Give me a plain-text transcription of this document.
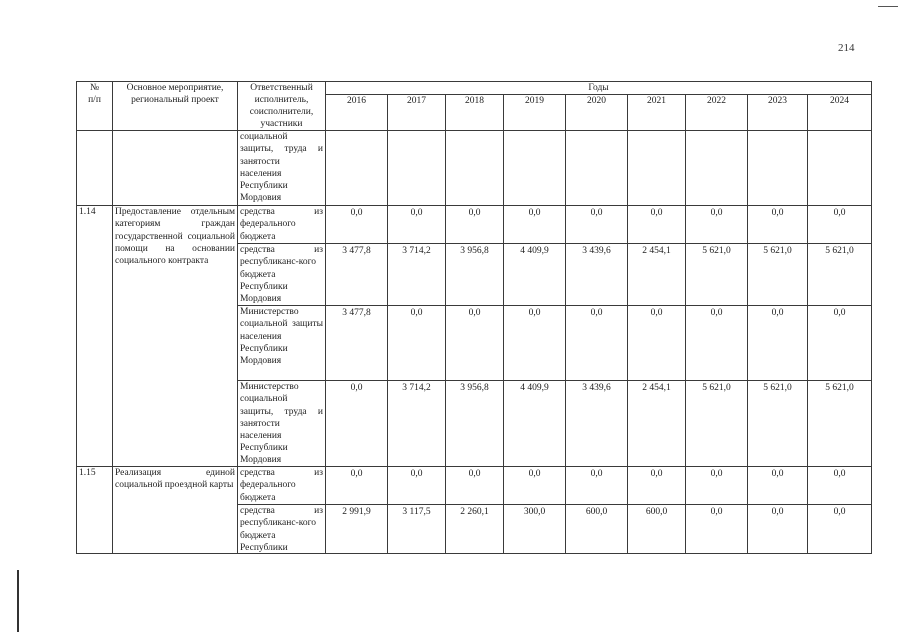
214
№
п/п	Основное мероприятие, региональный проект	Ответственный исполнитель, соисполнители, участники	Годы								
			2016	2017	2018	2019	2020	2021	2022	2023	2024
		социальной защиты, труда и занятости населения Республики Мордовия									
1.14	Предоставление отдельным категориям граждан государственной социальной помощи на основании социального контракта	средства из федерального бюджета	0,0	0,0	0,0	0,0	0,0	0,0	0,0	0,0	0,0
		средства из республиканс-кого бюджета Республики Мордовия	3 477,8	3 714,2	3 956,8	4 409,9	3 439,6	2 454,1	5 621,0	5 621,0	5 621,0
		Министерство социальной защиты населения Республики Мордовия	3 477,8	0,0	0,0	0,0	0,0	0,0	0,0	0,0	0,0
		Министерство социальной защиты, труда и занятости населения Республики Мордовия	0,0	3 714,2	3 956,8	4 409,9	3 439,6	2 454,1	5 621,0	5 621,0	5 621,0
1.15	Реализация единой социальной проездной карты	средства из федерального бюджета	0,0	0,0	0,0	0,0	0,0	0,0	0,0	0,0	0,0

		средства из республиканс-кого бюджета Республики	2 991,9	3 117,5	2 260,1	300,0	600,0	600,0	0,0	0,0	0,0
